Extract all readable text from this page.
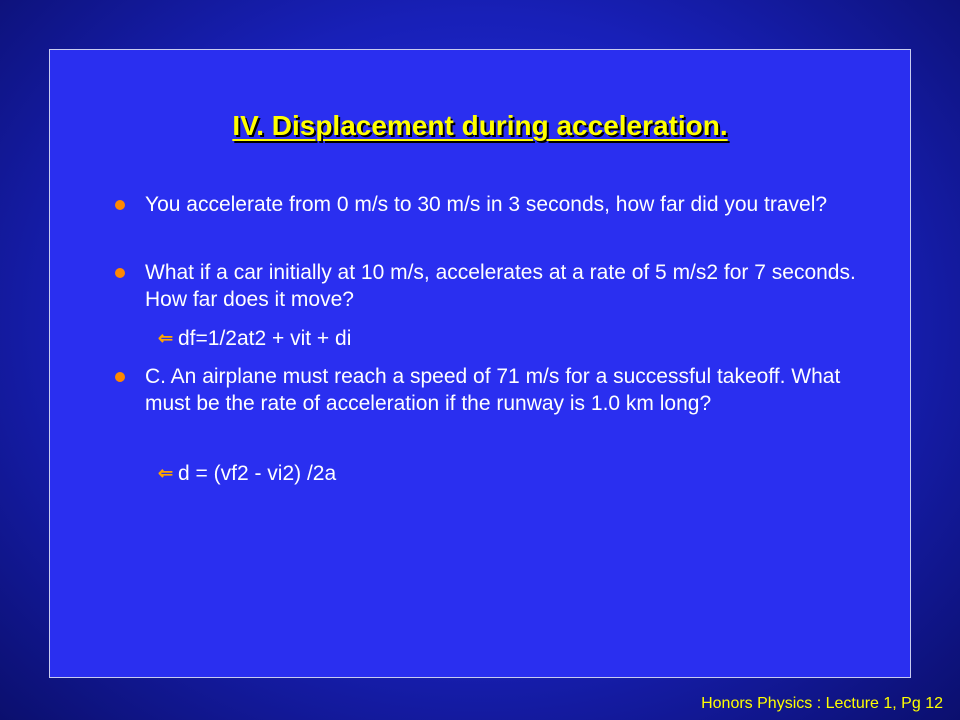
IV. Displacement during acceleration.
You accelerate from 0 m/s to 30 m/s in 3 seconds, how far did you travel?
What if a car initially at 10 m/s, accelerates at a rate of 5 m/s2 for 7 seconds. How far does it move?
⇐ df=1/2at2 + vit + di
C. An airplane must reach a speed of 71 m/s for a successful takeoff. What must be the rate of acceleration if the runway is 1.0 km long?
⇐ d = (vf2 - vi2) /2a
Honors Physics : Lecture 1, Pg 12
